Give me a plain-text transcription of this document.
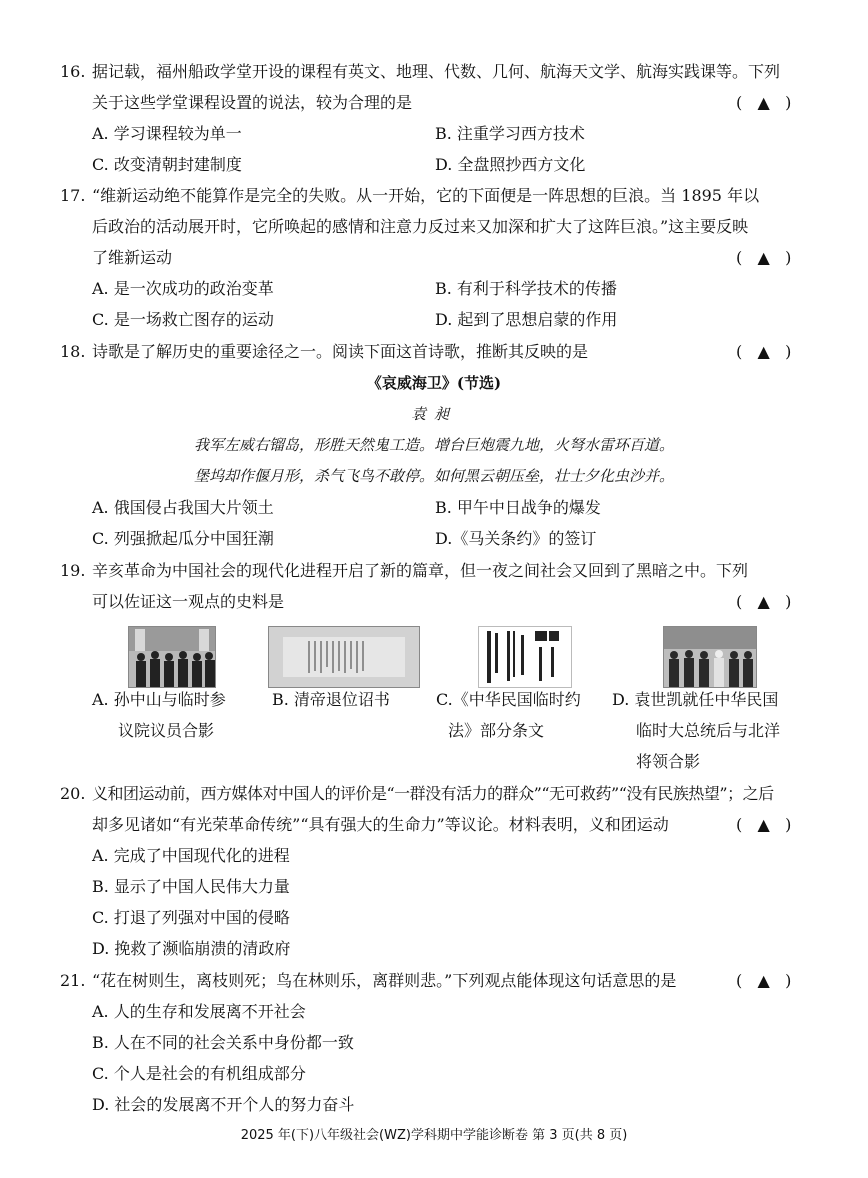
16. 据记载，福州船政学堂开设的课程有英文、地理、代数、几何、航海天文学、航海实践课等。下列
关于这些学堂课程设置的说法，较为合理的是	(   ▲   )
A. 学习课程较为单一	B. 注重学习西方技术
C. 改变清朝封建制度	D. 全盘照抄西方文化
17. “维新运动绝不能算作是完全的失败。从一开始，它的下面便是一阵思想的巨浪。当 1895 年以
后政治的活动展开时，它所唤起的感情和注意力反过来又加深和扩大了这阵巨浪。”这主要反映
了维新运动	(   ▲   )
A. 是一次成功的政治变革	B. 有利于科学技术的传播
C. 是一场救亡图存的运动	D. 起到了思想启蒙的作用
18. 诗歌是了解历史的重要途径之一。阅读下面这首诗歌，推断其反映的是	(   ▲   )
《哀威海卫》(节选)
袁昶
我军左威右镏岛，形胜天然鬼工造。增台巨炮震九地，火弩水雷环百道。
堡坞却作偃月形，杀气飞鸟不敢停。如何黑云朝压垒，壮士夕化虫沙并。
A. 俄国侵占我国大片领土	B. 甲午中日战争的爆发
C. 列强掀起瓜分中国狂潮	D.《马关条约》的签订
19. 辛亥革命为中国社会的现代化进程开启了新的篇章，但一夜之间社会又回到了黑暗之中。下列
可以佐证这一观点的史料是	(   ▲   )
A. 孙中山与临时参
议院议员合影
B. 清帝退位诏书	C.《中华民国临时约
法》部分条文
D. 袁世凯就任中华民国
临时大总统后与北洋
将领合影
20. 义和团运动前，西方媒体对中国人的评价是“一群没有活力的群众”“无可救药”“没有民族热望”；之后
却多见诸如“有光荣革命传统”“具有强大的生命力”等议论。材料表明，义和团运动	(   ▲   )
A. 完成了中国现代化的进程
B. 显示了中国人民伟大力量
C. 打退了列强对中国的侵略
D. 挽救了濒临崩溃的清政府
21. “花在树则生，离枝则死；鸟在林则乐，离群则悲。”下列观点能体现这句话意思的是	(   ▲   )
A. 人的生存和发展离不开社会
B. 人在不同的社会关系中身份都一致
C. 个人是社会的有机组成部分
D. 社会的发展离不开个人的努力奋斗
2025 年(下)八年级社会(WZ)学科期中学能诊断卷 第 3 页(共 8 页)
